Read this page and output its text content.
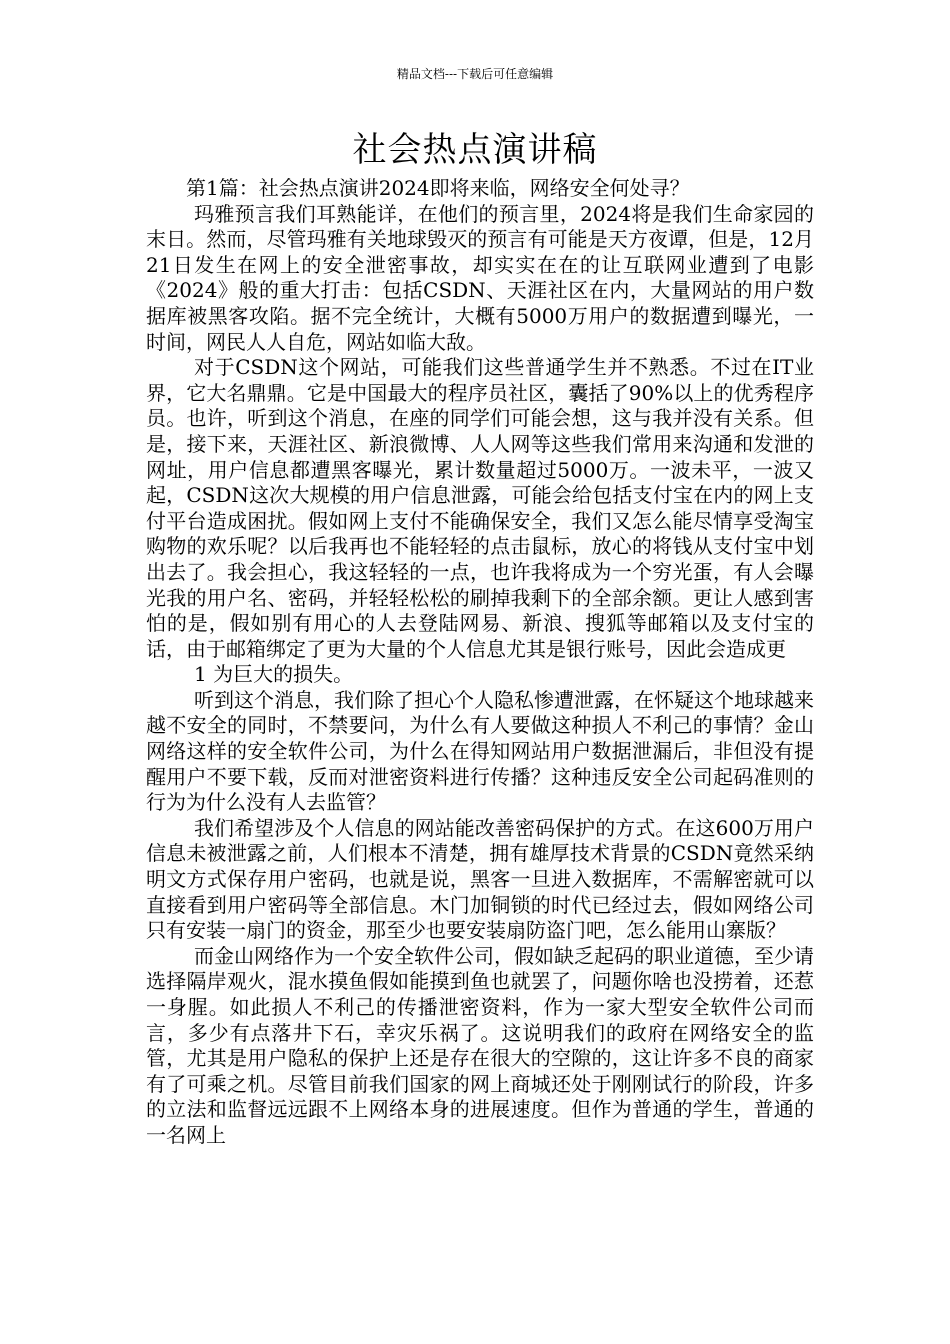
精品文档---下载后可任意编辑
社会热点演讲稿

第1篇：社会热点演讲2024即将来临，网络安全何处寻？

玛雅预言我们耳熟能详，在他们的预言里，2024将是我们生命家园的末日。然而，尽管玛雅有关地球毁灭的预言有可能是天方夜谭，但是，12月21日发生在网上的安全泄密事故，却实实在在的让互联网业遭到了电影《2024》般的重大打击：包括CSDN、天涯社区在内，大量网站的用户数据库被黑客攻陷。据不完全统计，大概有5000万用户的数据遭到曝光，一时间，网民人人自危，网站如临大敌。

对于CSDN这个网站，可能我们这些普通学生并不熟悉。不过在IT业界，它大名鼎鼎。它是中国最大的程序员社区，囊括了90%以上的优秀程序员。也许，听到这个消息，在座的同学们可能会想，这与我并没有关系。但是，接下来，天涯社区、新浪微博、人人网等这些我们常用来沟通和发泄的网址，用户信息都遭黑客曝光，累计数量超过5000万。一波未平，一波又起，CSDN这次大规模的用户信息泄露，可能会给包括支付宝在内的网上支付平台造成困扰。假如网上支付不能确保安全，我们又怎么能尽情享受淘宝购物的欢乐呢？以后我再也不能轻轻的点击鼠标，放心的将钱从支付宝中划出去了。我会担心，我这轻轻的一点，也许我将成为一个穷光蛋，有人会曝光我的用户名、密码，并轻轻松松的刷掉我剩下的全部余额。更让人感到害怕的是，假如别有用心的人去登陆网易、新浪、搜狐等邮箱以及支付宝的话，由于邮箱绑定了更为大量的个人信息尤其是银行账号，因此会造成更

1 为巨大的损失。

听到这个消息，我们除了担心个人隐私惨遭泄露，在怀疑这个地球越来越不安全的同时，不禁要问，为什么有人要做这种损人不利己的事情？金山网络这样的安全软件公司，为什么在得知网站用户数据泄漏后，非但没有提醒用户不要下载，反而对泄密资料进行传播？这种违反安全公司起码准则的行为为什么没有人去监管？

我们希望涉及个人信息的网站能改善密码保护的方式。在这600万用户信息未被泄露之前，人们根本不清楚，拥有雄厚技术背景的CSDN竟然采纳明文方式保存用户密码，也就是说，黑客一旦进入数据库，不需解密就可以直接看到用户密码等全部信息。木门加铜锁的时代已经过去，假如网络公司只有安装一扇门的资金，那至少也要安装扇防盗门吧，怎么能用山寨版？

而金山网络作为一个安全软件公司，假如缺乏起码的职业道德，至少请选择隔岸观火，混水摸鱼假如能摸到鱼也就罢了，问题你啥也没捞着，还惹一身腥。如此损人不利己的传播泄密资料，作为一家大型安全软件公司而言，多少有点落井下石，幸灾乐祸了。这说明我们的政府在网络安全的监管，尤其是用户隐私的保护上还是存在很大的空隙的，这让许多不良的商家有了可乘之机。尽管目前我们国家的网上商城还处于刚刚试行的阶段，许多的立法和监督远远跟不上网络本身的进展速度。但作为普通的学生，普通的一名网上
